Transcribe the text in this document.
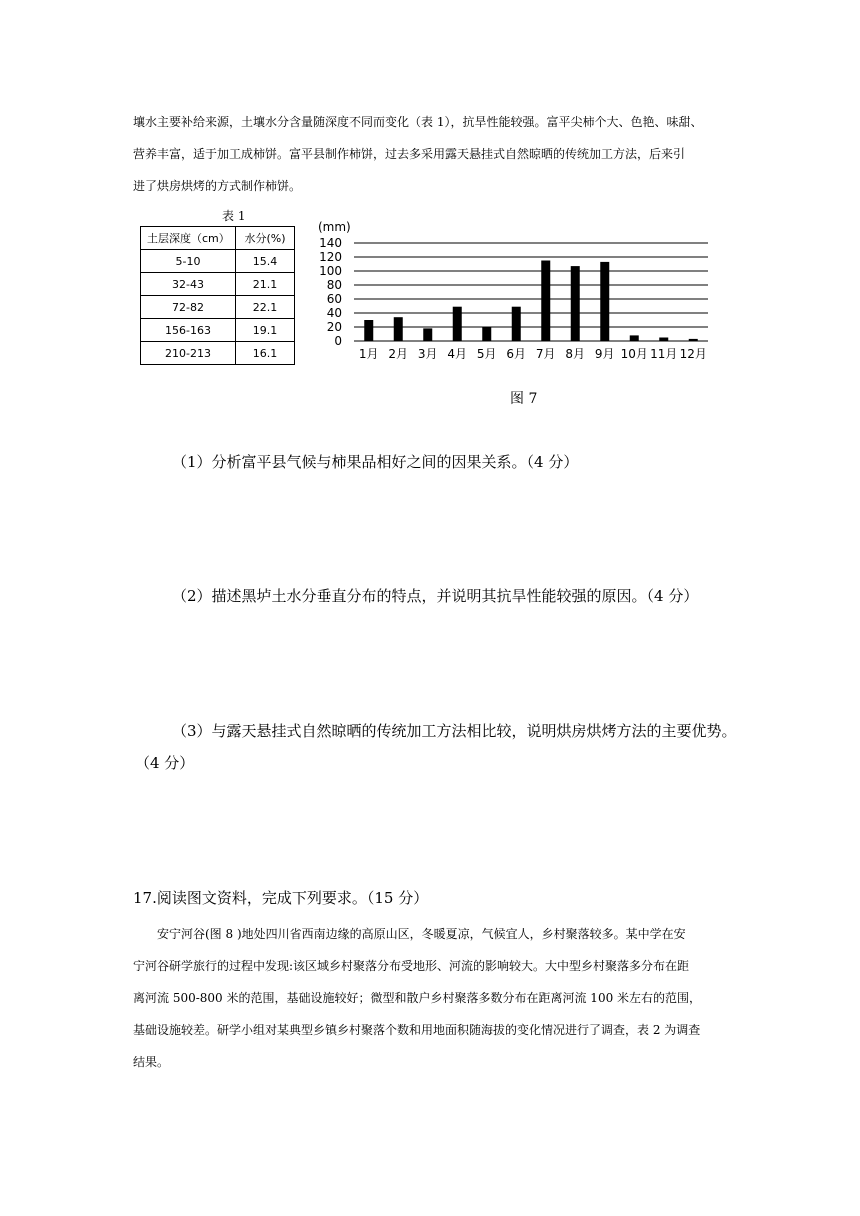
壤水主要补给来源，土壤水分含量随深度不同而变化（表 1），抗旱性能较强。富平尖柿个大、色艳、味甜、
营养丰富，适于加工成柿饼。富平县制作柿饼，过去多采用露天悬挂式自然晾晒的传统加工方法，后来引
进了烘房烘烤的方式制作柿饼。
表 1
土层深度（cm）	水分(%)
5-10	15.4
32-43	21.1
72-82	22.1
156-163	19.1
210-213	16.1
(mm)
140
120
100
80
60
40
20
0
1月 2月 3月 4月 5月 6月 7月 8月 9月 10月 11月 12月
图 7

（1）分析富平县气候与柿果品相好之间的因果关系。（4 分）

（2）描述黑垆土水分垂直分布的特点，并说明其抗旱性能较强的原因。（4 分）

（3）与露天悬挂式自然晾晒的传统加工方法相比较，说明烘房烘烤方法的主要优势。

（4 分）

17.阅读图文资料，完成下列要求。（15 分）

安宁河谷(图 8 )地处四川省西南边缘的高原山区，冬暖夏凉，气候宜人，乡村聚落较多。某中学在安
宁河谷研学旅行的过程中发现:该区域乡村聚落分布受地形、河流的影响较大。大中型乡村聚落多分布在距
离河流 500-800 米的范围，基础设施较好；微型和散户乡村聚落多数分布在距离河流 100 米左右的范围，
基础设施较差。研学小组对某典型乡镇乡村聚落个数和用地面积随海拔的变化情况进行了调查，表 2 为调查
结果。
